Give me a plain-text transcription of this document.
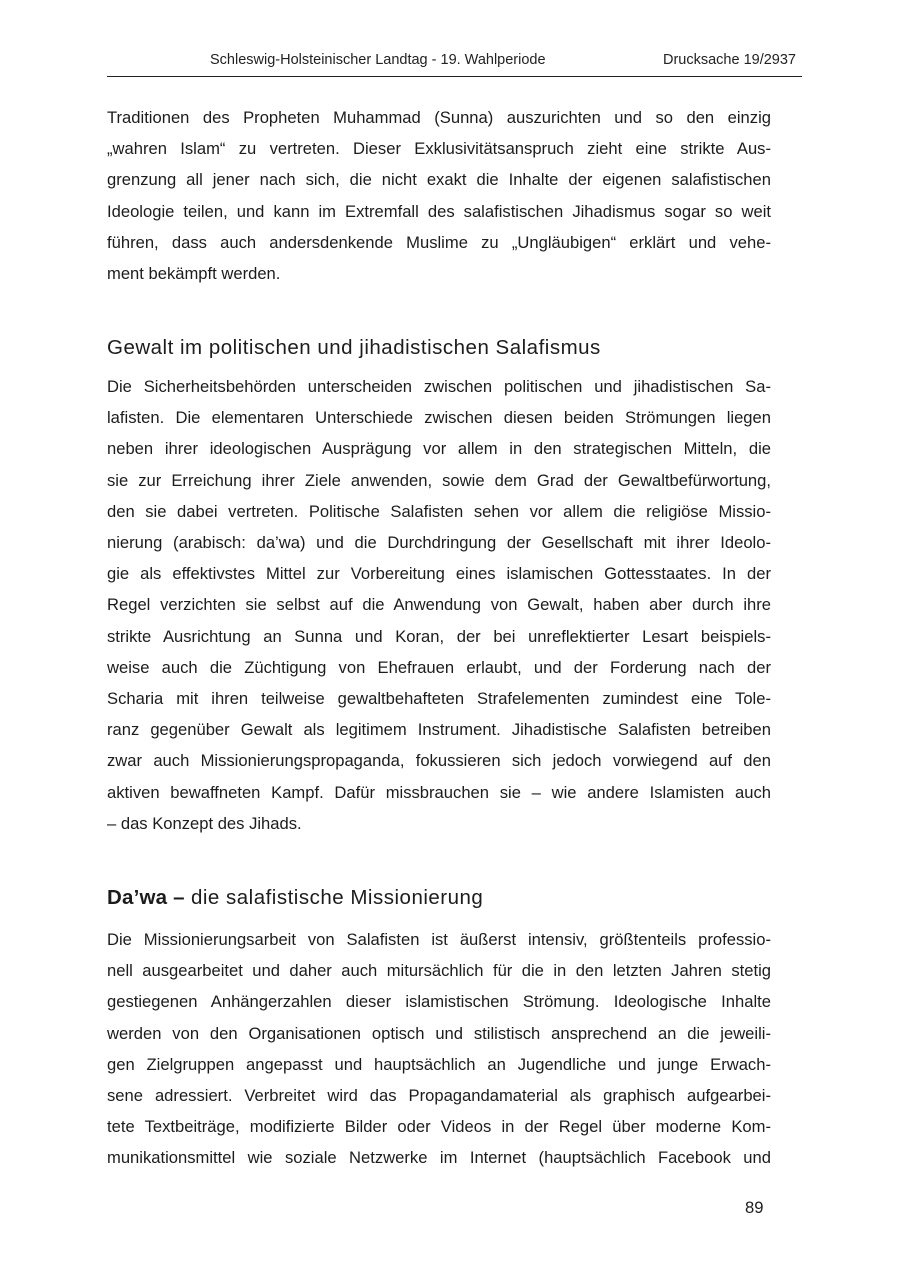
Schleswig-Holsteinischer Landtag - 19. Wahlperiode	Drucksache 19/2937
Traditionen des Propheten Muhammad (Sunna) auszurichten und so den einzig
„wahren Islam“ zu vertreten. Dieser Exklusivitätsanspruch zieht eine strikte Aus-
grenzung all jener nach sich, die nicht exakt die Inhalte der eigenen salafistischen
Ideologie teilen, und kann im Extremfall des salafistischen Jihadismus sogar so weit
führen, dass auch andersdenkende Muslime zu „Ungläubigen“ erklärt und vehe-
ment bekämpft werden.
Gewalt im politischen und jihadistischen Salafismus
Die Sicherheitsbehörden unterscheiden zwischen politischen und jihadistischen Sa-
lafisten. Die elementaren Unterschiede zwischen diesen beiden Strömungen liegen
neben ihrer ideologischen Ausprägung vor allem in den strategischen Mitteln, die
sie zur Erreichung ihrer Ziele anwenden, sowie dem Grad der Gewaltbefürwortung,
den sie dabei vertreten. Politische Salafisten sehen vor allem die religiöse Missio-
nierung (arabisch: da’wa) und die Durchdringung der Gesellschaft mit ihrer Ideolo-
gie als effektivstes Mittel zur Vorbereitung eines islamischen Gottesstaates. In der
Regel verzichten sie selbst auf die Anwendung von Gewalt, haben aber durch ihre
strikte Ausrichtung an Sunna und Koran, der bei unreflektierter Lesart beispiels-
weise auch die Züchtigung von Ehefrauen erlaubt, und der Forderung nach der
Scharia mit ihren teilweise gewaltbehafteten Strafelementen zumindest eine Tole-
ranz gegenüber Gewalt als legitimem Instrument. Jihadistische Salafisten betreiben
zwar auch Missionierungspropaganda, fokussieren sich jedoch vorwiegend auf den
aktiven bewaffneten Kampf. Dafür missbrauchen sie – wie andere Islamisten auch
– das Konzept des Jihads.
Da’wa – die salafistische Missionierung
Die Missionierungsarbeit von Salafisten ist äußerst intensiv, größtenteils professio-
nell ausgearbeitet und daher auch mitursächlich für die in den letzten Jahren stetig
gestiegenen Anhängerzahlen dieser islamistischen Strömung. Ideologische Inhalte
werden von den Organisationen optisch und stilistisch ansprechend an die jeweili-
gen Zielgruppen angepasst und hauptsächlich an Jugendliche und junge Erwach-
sene adressiert. Verbreitet wird das Propagandamaterial als graphisch aufgearbei-
tete Textbeiträge, modifizierte Bilder oder Videos in der Regel über moderne Kom-
munikationsmittel wie soziale Netzwerke im Internet (hauptsächlich Facebook und
89
